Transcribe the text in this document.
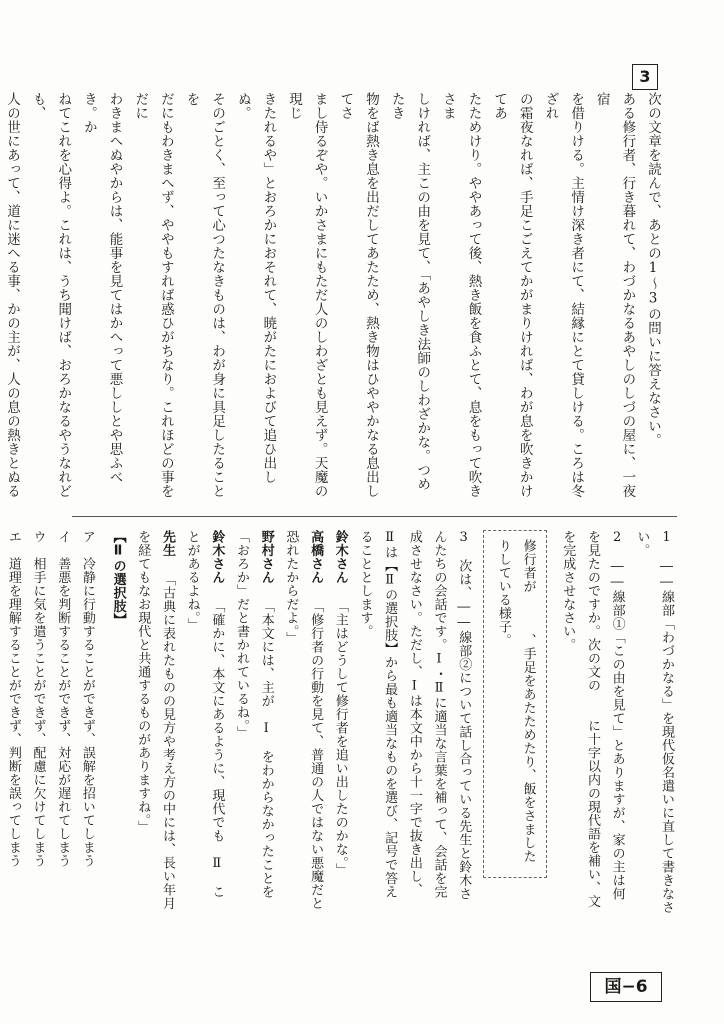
3
次の文章を読んで、あとの1〜3の問いに答えなさい。
ある修行者、行き暮れて、わづかなるあやしのしづの屋に、一夜宿
を借りける。主情け深き者にて、結縁にとて貸しける。ころは冬ざれ
の霜夜なれば、手足こごえてかがまりければ、わが息を吹きかけてあ
たためけり。ややあって後、熱き飯を食ふとて、息をもって吹きさま
しければ、主この由を見て、「あやしき法師のしわざかな。つめたき
物をば熱き息を出だしてあたため、熱き物はひややかなる息出してさ
まし侍るぞや。いかさまにもただ人のしわざとも見えず。天魔の現じ
きたれるや」とおろかにおそれて、暁がたにおよびて追ひ出しぬ。
そのごとく、至って心つたなきものは、わが身に具足したることを
だにもわきまへず、ややもすれば惑ひがちなり。これほどの事をだに
わきまへぬやからは、能事を見てはかへって悪ししとや思ふべき。か
ねてこれを心得よ。これは、うち聞けば、おろかなるやうなれども、
人の世にあって、道に迷へる事、かの主が、人の息の熱きとぬる

1　――線部「わづかなる」を現代仮名遣いに直して書きなさい。

2　――線部①「この由を見て」とありますが、家の主は何を見たのですか。次の文の　　に十字以内の現代語を補い、文を完成させなさい。

修行者が　　　、手足をあたためたり、飯をさましたりしている様子。

3　次は、――線部②について話し合っている先生と鈴木さんたちの会話です。Ⅰ・Ⅱに適当な言葉を補って、会話を完成させなさい。ただし、Ⅰは本文中から十一字で抜き出し、Ⅱは【Ⅱの選択肢】から最も適当なものを選び、記号で答えることとします。

鈴木さん 「主はどうして修行者を追い出したのかな。」

高橋さん 「修行者の行動を見て、普通の人ではない悪魔だと恐れたからだよ。」

野村さん 「本文には、主が　Ⅰ　をわからなかったことを「おろか」だと書かれているね。」

鈴木さん 「確かに、本文にあるように、現代でも　Ⅱ　ことがあるよね。」

先生 「古典に表れたものの見方や考え方の中には、長い年月を経てもなお現代と共通するものがありますね。」

【Ⅱの選択肢】

ア　冷静に行動することができず、誤解を招いてしまう

イ　善悪を判断することができず、対応が遅れてしまう

ウ　相手に気を遣うことができず、配慮に欠けてしまう

エ　道理を理解することができず、判断を誤ってしまう

国−6
